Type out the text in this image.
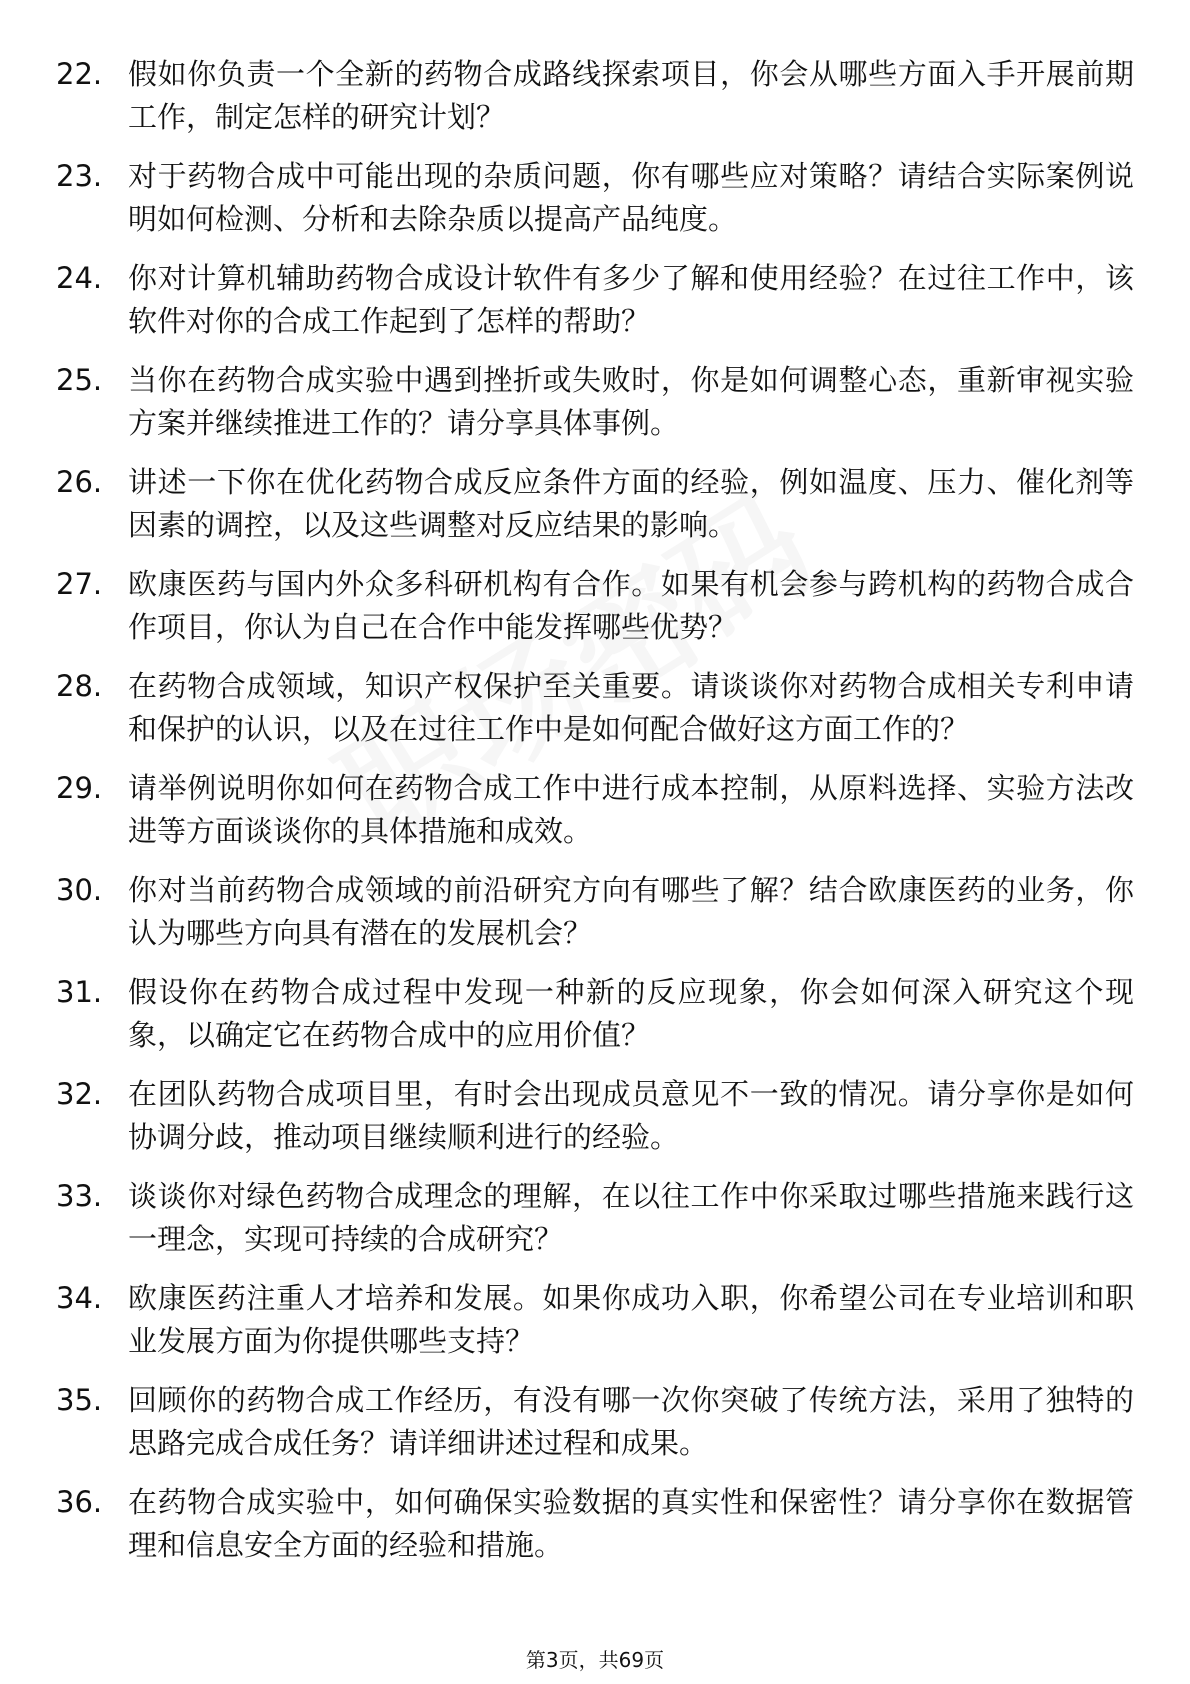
22. 假如你负责一个全新的药物合成路线探索项目，你会从哪些方面入手开展前期工作，制定怎样的研究计划？
23. 对于药物合成中可能出现的杂质问题，你有哪些应对策略？请结合实际案例说明如何检测、分析和去除杂质以提高产品纯度。
24. 你对计算机辅助药物合成设计软件有多少了解和使用经验？在过往工作中，该软件对你的合成工作起到了怎样的帮助？
25. 当你在药物合成实验中遇到挫折或失败时，你是如何调整心态，重新审视实验方案并继续推进工作的？请分享具体事例。
26. 讲述一下你在优化药物合成反应条件方面的经验，例如温度、压力、催化剂等因素的调控，以及这些调整对反应结果的影响。
27. 欧康医药与国内外众多科研机构有合作。如果有机会参与跨机构的药物合成合作项目，你认为自己在合作中能发挥哪些优势？
28. 在药物合成领域，知识产权保护至关重要。请谈谈你对药物合成相关专利申请和保护的认识，以及在过往工作中是如何配合做好这方面工作的？
29. 请举例说明你如何在药物合成工作中进行成本控制，从原料选择、实验方法改进等方面谈谈你的具体措施和成效。
30. 你对当前药物合成领域的前沿研究方向有哪些了解？结合欧康医药的业务，你认为哪些方向具有潜在的发展机会？
31. 假设你在药物合成过程中发现一种新的反应现象，你会如何深入研究这个现象，以确定它在药物合成中的应用价值？
32. 在团队药物合成项目里，有时会出现成员意见不一致的情况。请分享你是如何协调分歧，推动项目继续顺利进行的经验。
33. 谈谈你对绿色药物合成理念的理解，在以往工作中你采取过哪些措施来践行这一理念，实现可持续的合成研究？
34. 欧康医药注重人才培养和发展。如果你成功入职，你希望公司在专业培训和职业发展方面为你提供哪些支持？
35. 回顾你的药物合成工作经历，有没有哪一次你突破了传统方法，采用了独特的思路完成合成任务？请详细讲述过程和成果。
36. 在药物合成实验中，如何确保实验数据的真实性和保密性？请分享你在数据管理和信息安全方面的经验和措施。
第3页，共69页
